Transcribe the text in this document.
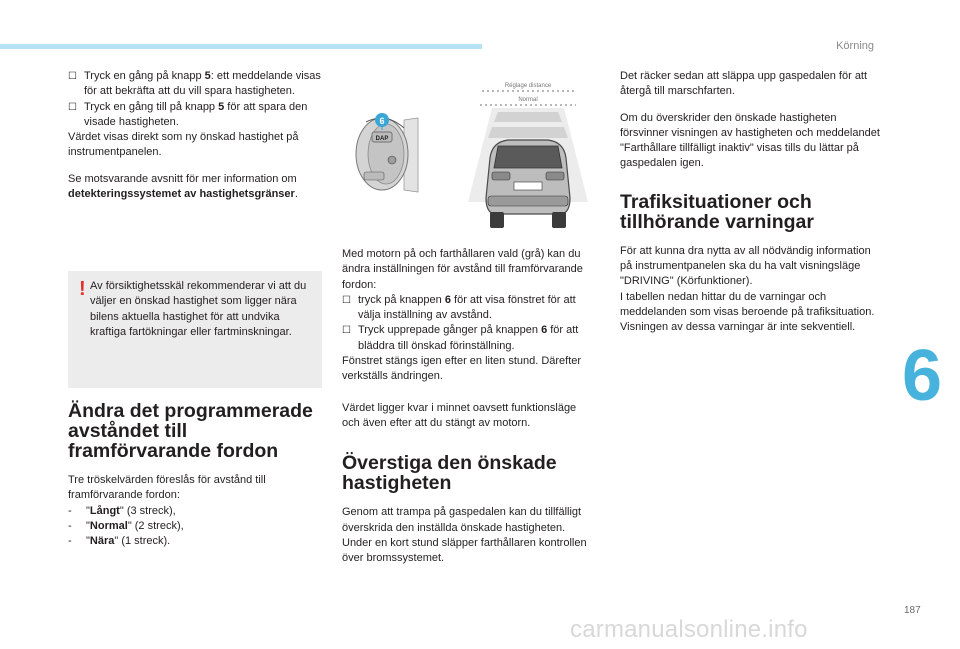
Körning
6
187
carmanualsonline.info
☐ Tryck en gång på knapp 5: ett meddelande visas för att bekräfta att du vill spara hastigheten.
☐ Tryck en gång till på knapp 5 för att spara den visade hastigheten.

Värdet visas direkt som ny önskad hastighet på instrumentpanelen.

Se motsvarande avsnitt för mer information om
detekteringssystemet av hastighetsgränser.

! Av försiktighetsskäl rekommenderar vi att du väljer en önskad hastighet som ligger nära bilens aktuella hastighet för att undvika kraftiga fartökningar eller fartminskningar.
Ändra det programmerade avståndet till framförvarande fordon

Tre tröskelvärden föreslås för avstånd till framförvarande fordon:

-	"Långt" (3 streck),
-	"Normal" (2 streck),
-	"Nära" (1 streck).
DAP
6
Réglage distance
Normal

Med motorn på och farthållaren vald (grå) kan du ändra inställningen för avstånd till framförvarande fordon:

☐ tryck på knappen 6 för att visa fönstret för att välja inställning av avstånd.
☐ Tryck upprepade gånger på knappen 6 för att bläddra till önskad förinställning.

Fönstret stängs igen efter en liten stund. Därefter verkställs ändringen.

Värdet ligger kvar i minnet oavsett funktionsläge och även efter att du stängt av motorn.

Överstiga den önskade hastigheten

Genom att trampa på gaspedalen kan du tillfälligt överskrida den inställda önskade hastigheten.

Under en kort stund släpper farthållaren kontrollen över bromssystemet.

Det räcker sedan att släppa upp gaspedalen för att återgå till marschfarten.

Om du överskrider den önskade hastigheten försvinner visningen av hastigheten och meddelandet "Farthållare tillfälligt inaktiv" visas tills du lättar på gaspedalen igen.

Trafiksituationer och tillhörande varningar

För att kunna dra nytta av all nödvändig information på instrumentpanelen ska du ha valt visningsläge "DRIVING" (Körfunktioner).

I tabellen nedan hittar du de varningar och meddelanden som visas beroende på trafiksituation.

Visningen av dessa varningar är inte sekventiell.
